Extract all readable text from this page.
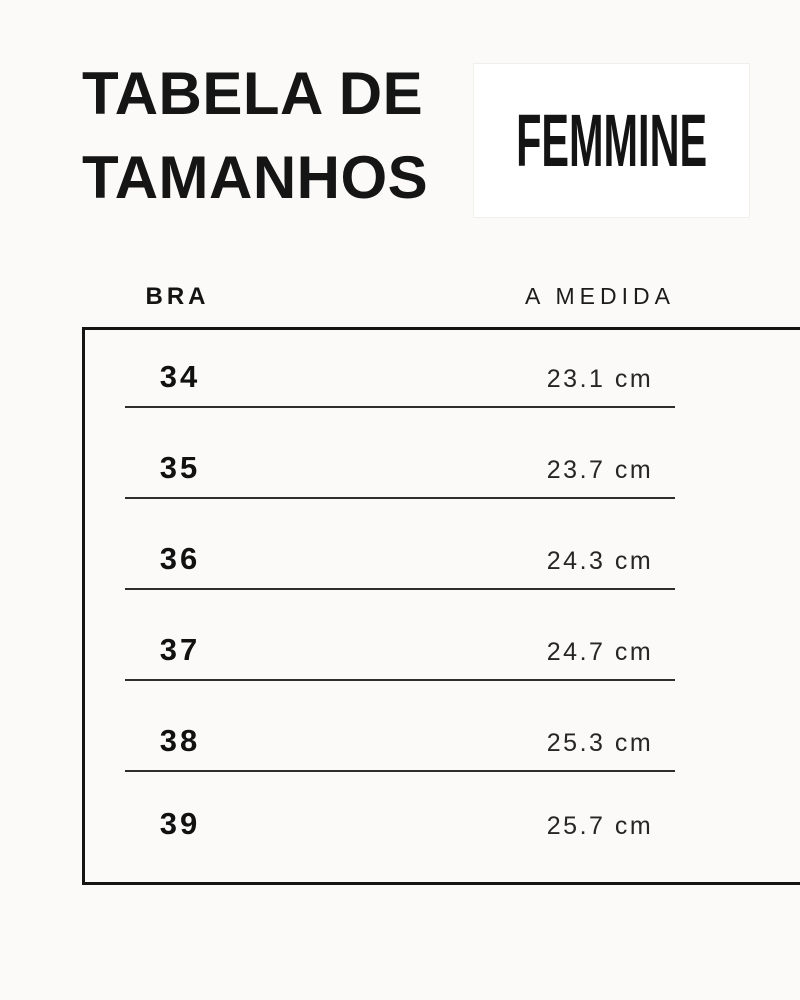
TABELA DE
TAMANHOS FEMMINE
BRA	A MEDIDA
34	23.1 cm
35	23.7 cm
36	24.3 cm
37	24.7 cm
38	25.3 cm
39	25.7 cm
